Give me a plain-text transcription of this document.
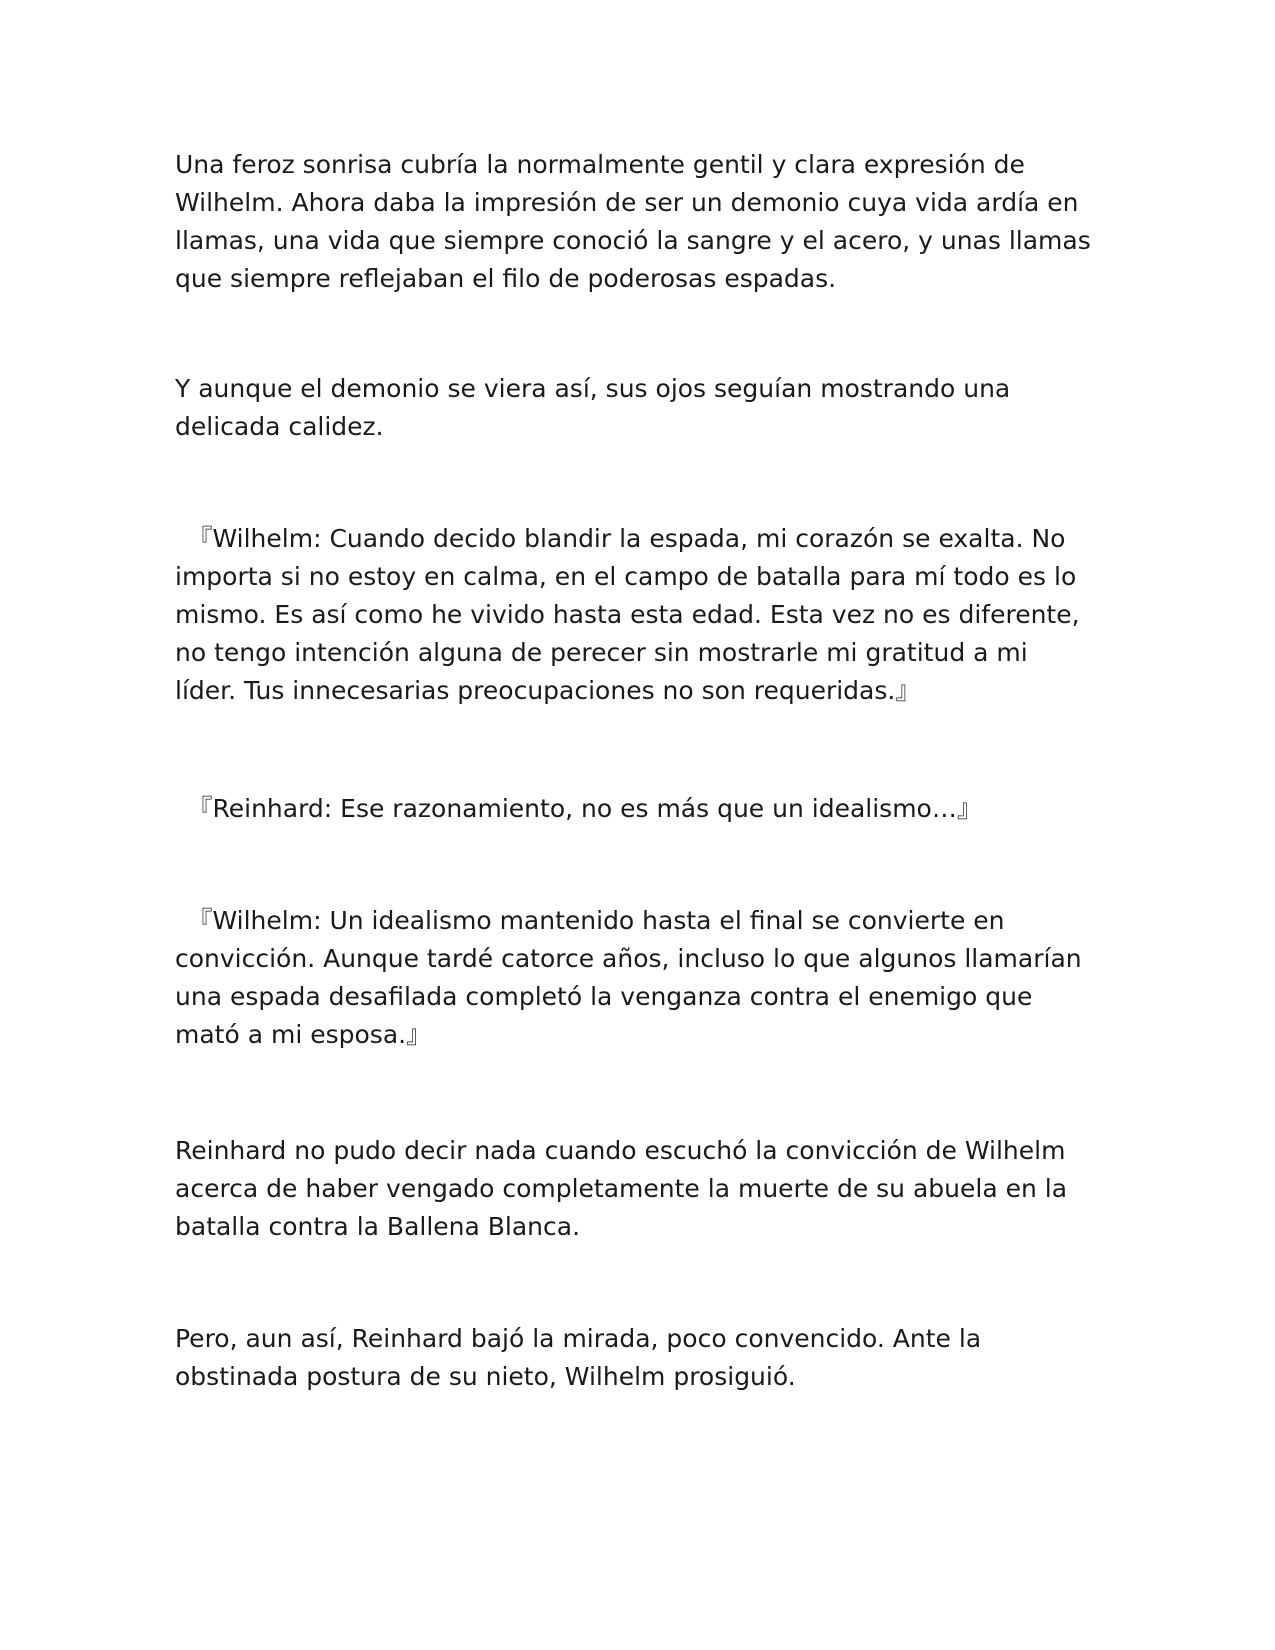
Una feroz sonrisa cubría la normalmente gentil y clara expresión de Wilhelm. Ahora daba la impresión de ser un demonio cuya vida ardía en llamas, una vida que siempre conoció la sangre y el acero, y unas llamas que siempre reflejaban el filo de poderosas espadas.

Y aunque el demonio se viera así, sus ojos seguían mostrando una delicada calidez.

　『Wilhelm: Cuando decido blandir la espada, mi corazón se exalta. No importa si no estoy en calma, en el campo de batalla para mí todo es lo mismo. Es así como he vivido hasta esta edad. Esta vez no es diferente, no tengo intención alguna de perecer sin mostrarle mi gratitud a mi líder. Tus innecesarias preocupaciones no son requeridas.』

　『Reinhard: Ese razonamiento, no es más que un idealismo…』

　『Wilhelm: Un idealismo mantenido hasta el final se convierte en convicción. Aunque tardé catorce años, incluso lo que algunos llamarían una espada desafilada completó la venganza contra el enemigo que mató a mi esposa.』

Reinhard no pudo decir nada cuando escuchó la convicción de Wilhelm acerca de haber vengado completamente la muerte de su abuela en la batalla contra la Ballena Blanca.

Pero, aun así, Reinhard bajó la mirada, poco convencido. Ante la obstinada postura de su nieto, Wilhelm prosiguió.
